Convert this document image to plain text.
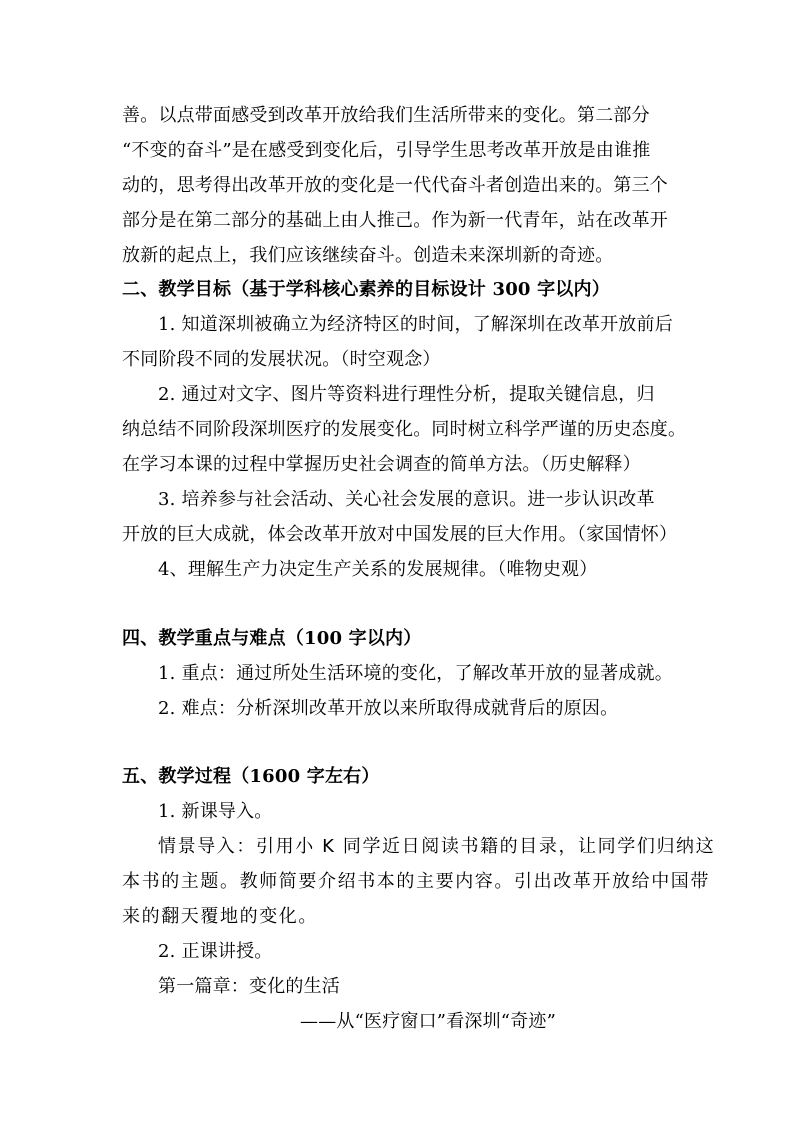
善。以点带面感受到改革开放给我们生活所带来的变化。第二部分
“不变的奋斗”是在感受到变化后，引导学生思考改革开放是由谁推
动的，思考得出改革开放的变化是一代代奋斗者创造出来的。第三个
部分是在第二部分的基础上由人推己。作为新一代青年，站在改革开
放新的起点上，我们应该继续奋斗。创造未来深圳新的奇迹。
二、教学目标（基于学科核心素养的目标设计 300 字以内）
1. 知道深圳被确立为经济特区的时间，了解深圳在改革开放前后
不同阶段不同的发展状况。（时空观念）
2. 通过对文字、图片等资料进行理性分析，提取关键信息，归
纳总结不同阶段深圳医疗的发展变化。同时树立科学严谨的历史态度。
在学习本课的过程中掌握历史社会调查的简单方法。（历史解释）
3. 培养参与社会活动、关心社会发展的意识。进一步认识改革
开放的巨大成就，体会改革开放对中国发展的巨大作用。（家国情怀）
4、理解生产力决定生产关系的发展规律。（唯物史观）
四、教学重点与难点（100 字以内）
1. 重点：通过所处生活环境的变化，了解改革开放的显著成就。
2. 难点：分析深圳改革开放以来所取得成就背后的原因。
五、教学过程（1600 字左右）
1. 新课导入。
情景导入：引用小 K 同学近日阅读书籍的目录，让同学们归纳这
本书的主题。教师简要介绍书本的主要内容。引出改革开放给中国带
来的翻天覆地的变化。
2. 正课讲授。
第一篇章：变化的生活
——从“医疗窗口”看深圳“奇迹”
